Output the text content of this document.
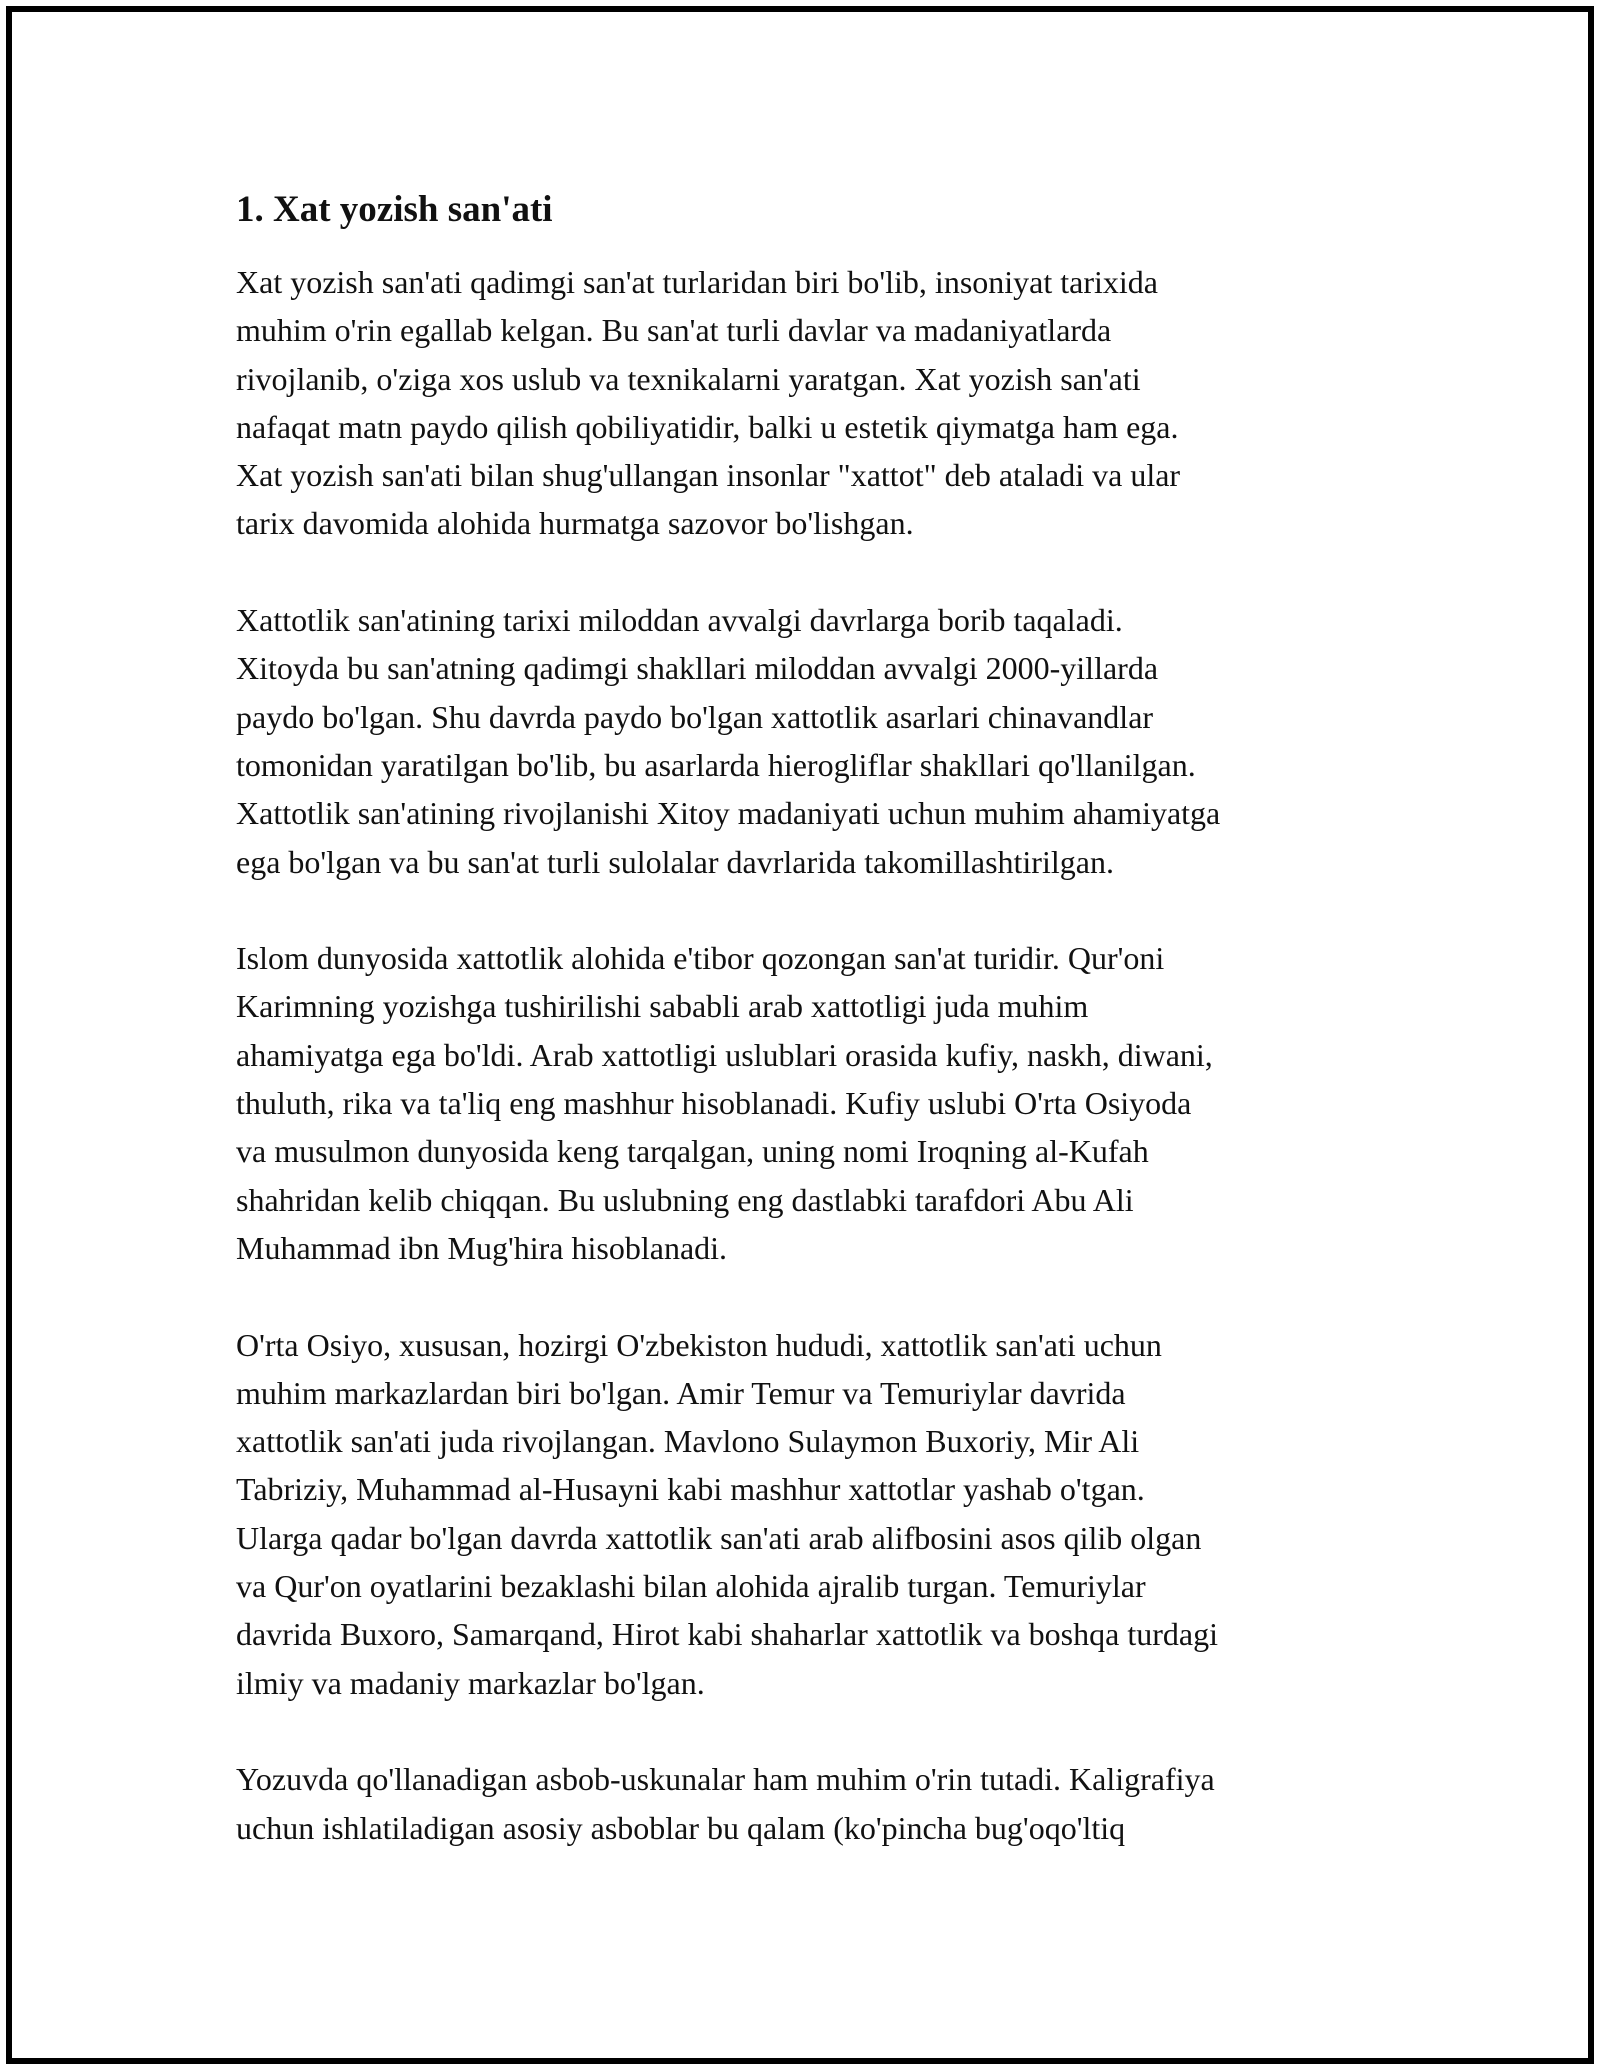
1. Xat yozish san'ati

Xat yozish san'ati qadimgi san'at turlaridan biri bo'lib, insoniyat tarixida
muhim o'rin egallab kelgan. Bu san'at turli davlar va madaniyatlarda
rivojlanib, o'ziga xos uslub va texnikalarni yaratgan. Xat yozish san'ati
nafaqat matn paydo qilish qobiliyatidir, balki u estetik qiymatga ham ega.
Xat yozish san'ati bilan shug'ullangan insonlar "xattot" deb ataladi va ular
tarix davomida alohida hurmatga sazovor bo'lishgan.

Xattotlik san'atining tarixi miloddan avvalgi davrlarga borib taqaladi.
Xitoyda bu san'atning qadimgi shakllari miloddan avvalgi 2000-yillarda
paydo bo'lgan. Shu davrda paydo bo'lgan xattotlik asarlari chinavandlar
tomonidan yaratilgan bo'lib, bu asarlarda hierogliflar shakllari qo'llanilgan.
Xattotlik san'atining rivojlanishi Xitoy madaniyati uchun muhim ahamiyatga
ega bo'lgan va bu san'at turli sulolalar davrlarida takomillashtirilgan.

Islom dunyosida xattotlik alohida e'tibor qozongan san'at turidir. Qur'oni
Karimning yozishga tushirilishi sababli arab xattotligi juda muhim
ahamiyatga ega bo'ldi. Arab xattotligi uslublari orasida kufiy, naskh, diwani,
thuluth, rika va ta'liq eng mashhur hisoblanadi. Kufiy uslubi O'rta Osiyoda
va musulmon dunyosida keng tarqalgan, uning nomi Iroqning al-Kufah
shahridan kelib chiqqan. Bu uslubning eng dastlabki tarafdori Abu Ali
Muhammad ibn Mug'hira hisoblanadi.

O'rta Osiyo, xususan, hozirgi O'zbekiston hududi, xattotlik san'ati uchun
muhim markazlardan biri bo'lgan. Amir Temur va Temuriylar davrida
xattotlik san'ati juda rivojlangan. Mavlono Sulaymon Buxoriy, Mir Ali
Tabriziy, Muhammad al-Husayni kabi mashhur xattotlar yashab o'tgan.
Ularga qadar bo'lgan davrda xattotlik san'ati arab alifbosini asos qilib olgan
va Qur'on oyatlarini bezaklashi bilan alohida ajralib turgan. Temuriylar
davrida Buxoro, Samarqand, Hirot kabi shaharlar xattotlik va boshqa turdagi
ilmiy va madaniy markazlar bo'lgan.

Yozuvda qo'llanadigan asbob-uskunalar ham muhim o'rin tutadi. Kaligrafiya
uchun ishlatiladigan asosiy asboblar bu qalam (ko'pincha bug'oqo'ltiq
